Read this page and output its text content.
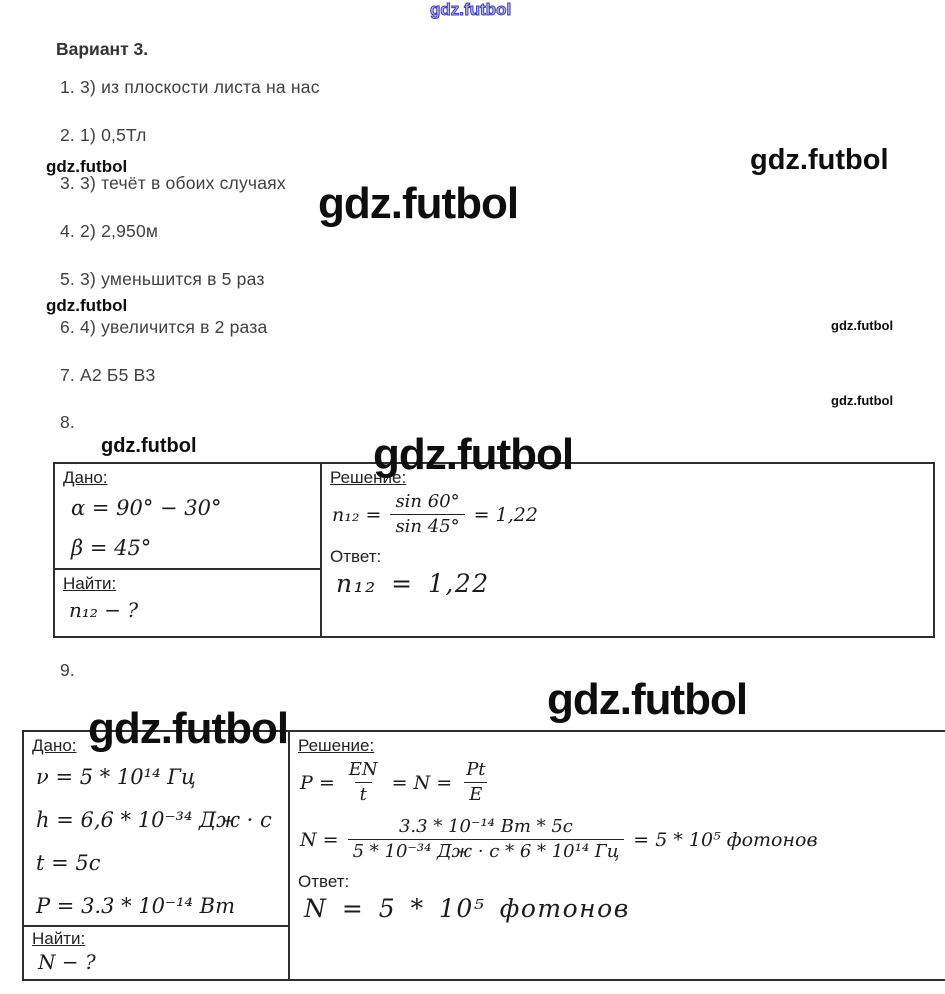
gdz.futbol
gdz.futbol	gdz.futbol
gdz.futbol
gdz.futbol
gdz.futbol
gdz.futbol
gdz.futbol	gdz.futbol
gdz.futbol
gdz.futbol
Вариант 3.
1. 3) из плоскости листа на нас
2. 1) 0,5Тл
3. 3) течёт в обоих случаях
4. 2) 2,950м
5. 3) уменьшится в 5 раз
6. 4) увеличится в 2 раза
7. А2 Б5 В3
8.
9.
Дано:

α = 90° − 30°
β = 45°
Решение:
$n_{12} = \frac{\sin 60^\circ}{\sin 45^\circ} = 1,22$
Ответ:
n₁₂ = 1,22
Найти:
n₁₂ − ?
Дано:

ν = 5 * 10¹⁴ Гц
h = 6,6 * 10⁻³⁴ Дж · с
t = 5с
P = 3.3 * 10⁻¹⁴ Вт
Решение:
$P = \frac{EN}{t} = N = \frac{Pt}{E}$
$N = \frac{\text{3.3 * 10⁻¹⁴ Вт * 5с}}{\text{5 * 10⁻³⁴ Дж · с * 6 * 10¹⁴ Гц}} = 5 * 10^5$ фотонов
Ответ:
N = 5 * 10⁵ фотонов
Найти:
N − ?
